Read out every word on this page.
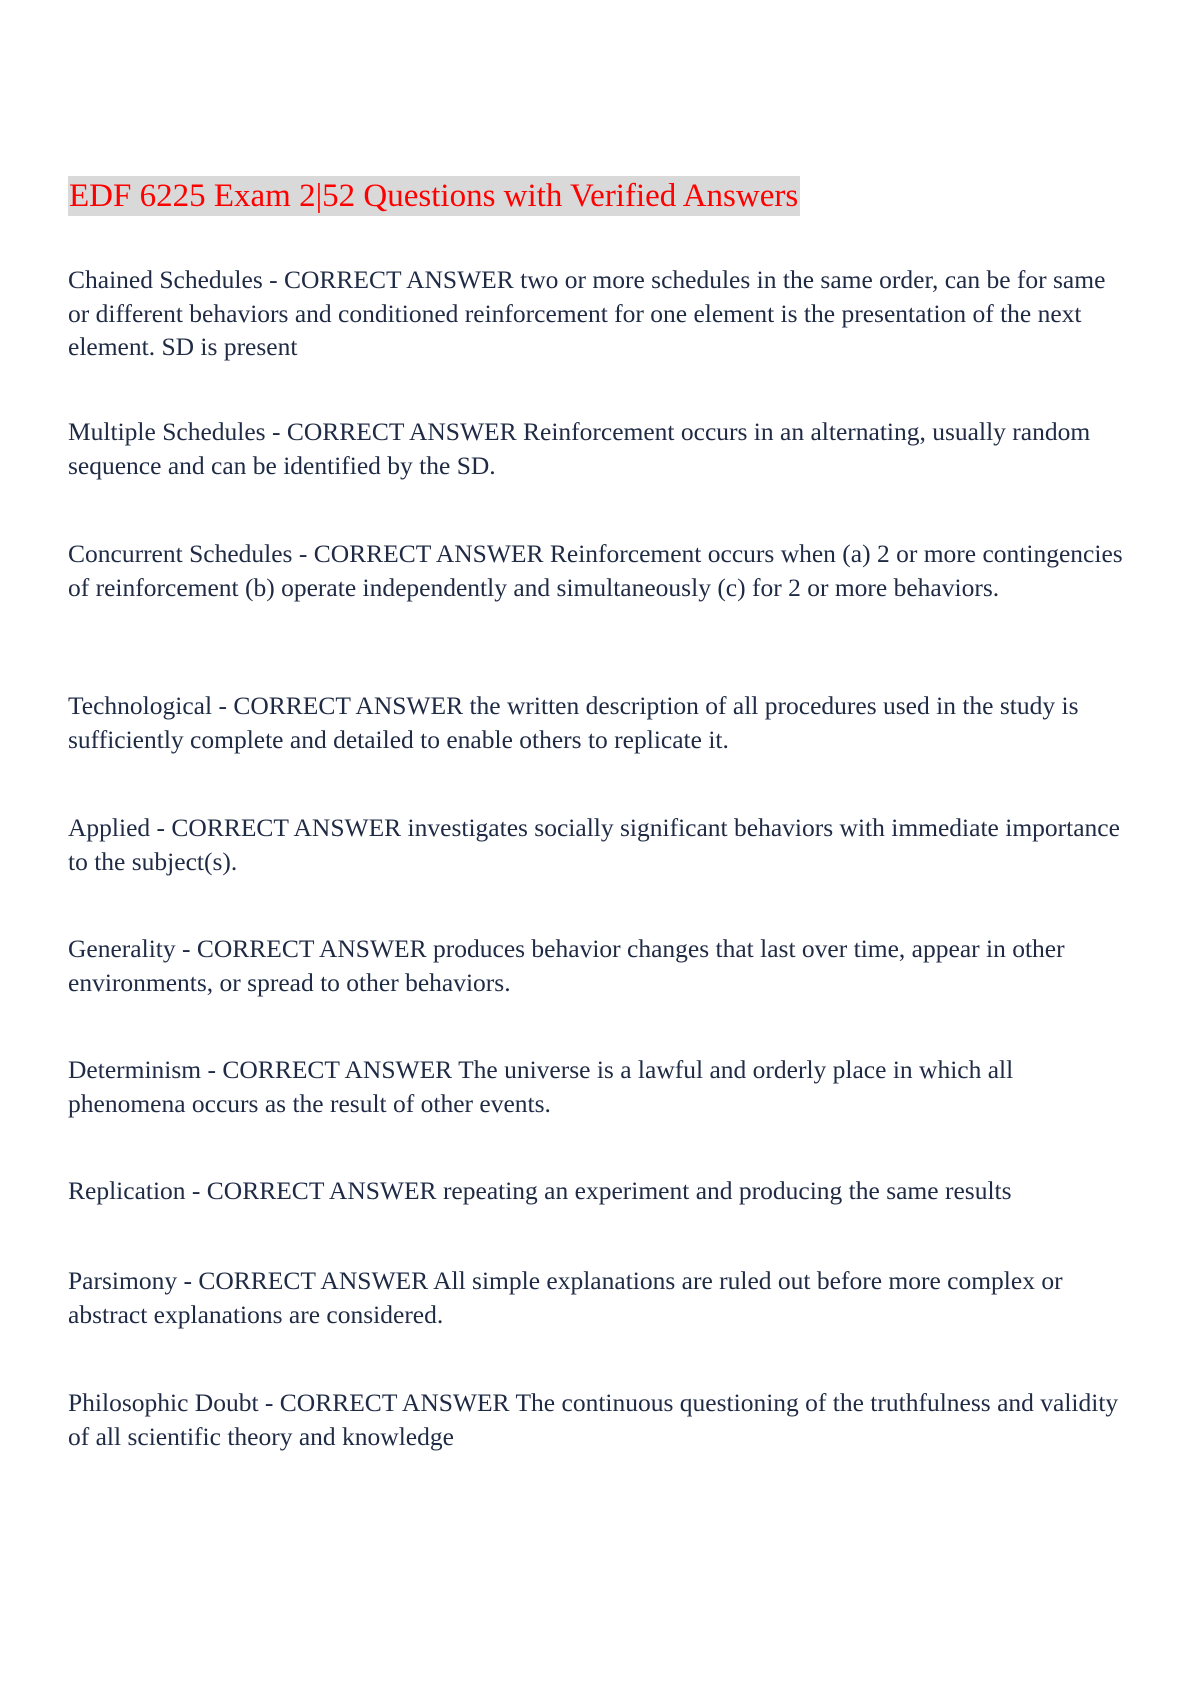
EDF 6225 Exam 2|52 Questions with Verified Answers

Chained Schedules - CORRECT ANSWER two or more schedules in the same order, can be for same or different behaviors and conditioned reinforcement for one element is the presentation of the next element. SD is present

Multiple Schedules - CORRECT ANSWER Reinforcement occurs in an alternating, usually random sequence and can be identified by the SD.

Concurrent Schedules - CORRECT ANSWER Reinforcement occurs when (a) 2 or more contingencies of reinforcement (b) operate independently and simultaneously (c) for 2 or more behaviors.

Technological - CORRECT ANSWER the written description of all procedures used in the study is sufficiently complete and detailed to enable others to replicate it.

Applied - CORRECT ANSWER investigates socially significant behaviors with immediate importance to the subject(s).

Generality - CORRECT ANSWER produces behavior changes that last over time, appear in other environments, or spread to other behaviors.

Determinism - CORRECT ANSWER The universe is a lawful and orderly place in which all phenomena occurs as the result of other events.

Replication - CORRECT ANSWER repeating an experiment and producing the same results

Parsimony - CORRECT ANSWER All simple explanations are ruled out before more complex or abstract explanations are considered.

Philosophic Doubt - CORRECT ANSWER The continuous questioning of the truthfulness and validity of all scientific theory and knowledge
